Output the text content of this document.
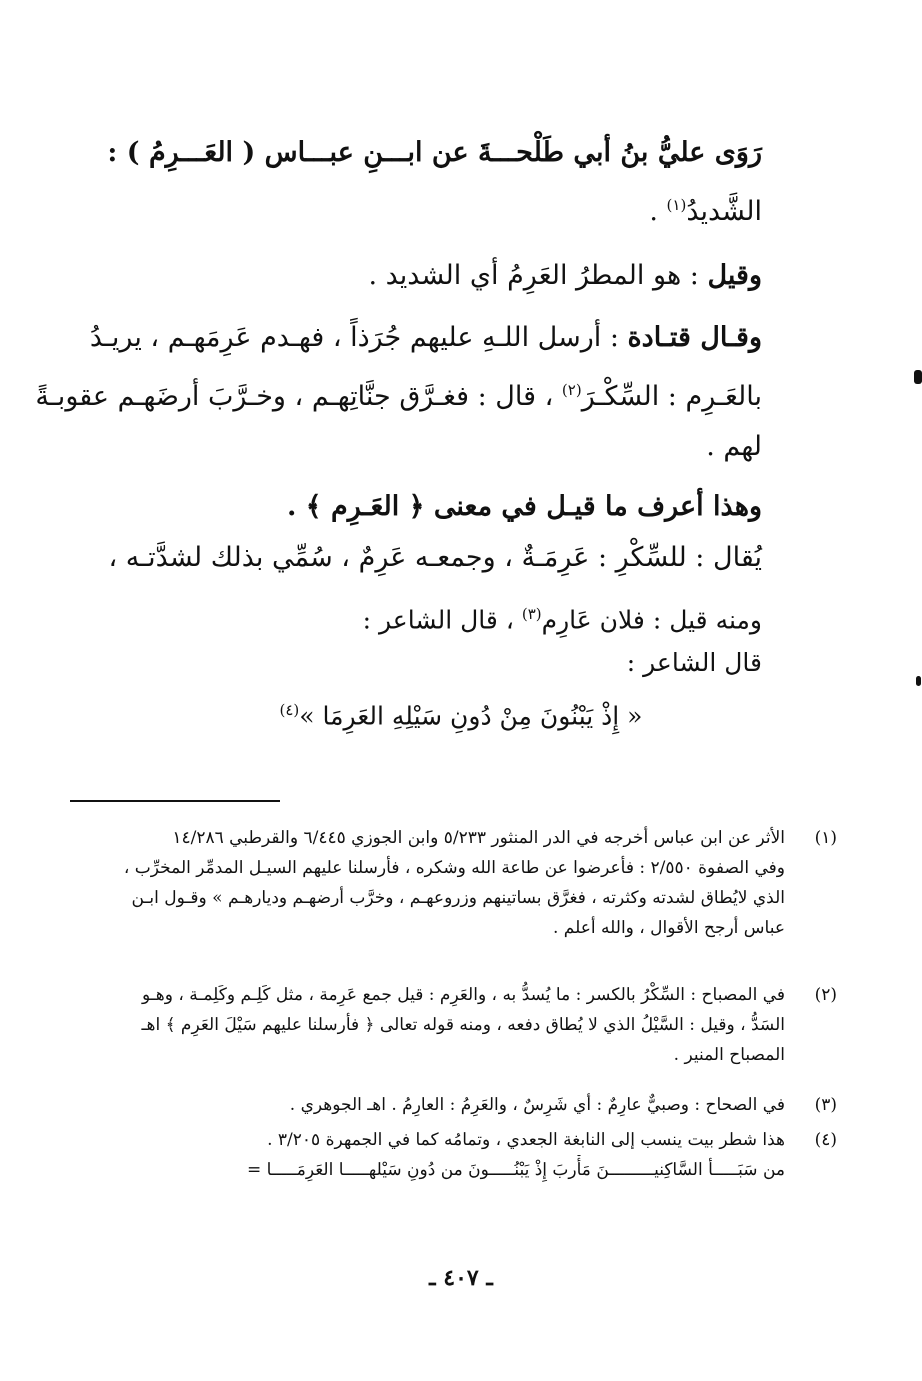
رَوَى عليُّ بنُ أبي طَلْحـــةَ عن ابـــنِ عبـــاس ( العَـــرِمُ ) :
الشَّديدُ$^{(١)}$ .
وقيل : هو المطرُ العَرِمُ أي الشديد .
وقـال قتـادة : أرسل اللـهِ عليهم جُرَذاً ، فهـدم عَرِمَهـم ، يريـدُ
بالعَـرِم : السِّكْـرَ$^{(٢)}$ ، قال : فغـرَّق جنَّاتِهـم ، وخـرَّبَ أرضَهـم عقوبـةً
لهم .
وهذا أعرف ما قيـل في معنى ﴿ العَـرِم ﴾ .
يُقال : للسِّكْرِ : عَرِمَـةٌ ، وجمعـه عَرِمٌ ، سُمِّي بذلك لشدَّتـه ،
ومنه قيل : فلان عَارِم$^{(٣)}$ ، قال الشاعر :
قال الشاعر :
« إِذْ يَبْنُونَ مِنْ دُونِ سَيْلِهِ العَرِمَا »$^{(٤)}$
(١)

الأثر عن ابن عباس أخرجه في الدر المنثور ٥/٢٣٣ وابن الجوزي ٦/٤٤٥ والقرطبي ١٤/٢٨٦

وفي الصفوة ٢/٥٥٠ : فأعرضوا عن طاعة الله وشكره ، فأرسلنا عليهم السيـل المدمِّر المخرِّب ،

الذي لايُطاق لشدته وكثرته ، فغرَّق بساتينهم وزروعهـم ، وخرَّب أرضهـم وديارهـم » وقـول ابـن

عباس أرجح الأقوال ، والله أعلم .

(٢)

في المصباح : السِّكْرُ بالكسر : ما يُسدُّ به ، والعَرِم : قيل جمع عَرِمة ، مثل كَلِـم وكَلِمـة ، وهـو

السَدُّ ، وقيل : السَّيْلُ الذي لا يُطاق دفعه ، ومنه قوله تعالى ﴿ فأرسلنا عليهم سَيْلَ العَرِم ﴾ اهـ

المصباح المنير .

(٣)

في الصحاح : وصبيٌّ عارِمٌ : أي شَرِسٌ ، والعَرِمُ : العارِمُ . اهـ الجوهري .

(٤)

هذا شطر بيت ينسب إلى النابغة الجعدي ، وتمامُه كما في الجمهرة ٣/٢٠٥ .

من سَبَـــــأ السَّاكِنيـــــــــنَ مَأْربَ إِذْ يَبْنُـــــونَ من دُونِ سَيْلهـــــا العَرِمَـــــا =

ـ ٤٠٧ ـ
